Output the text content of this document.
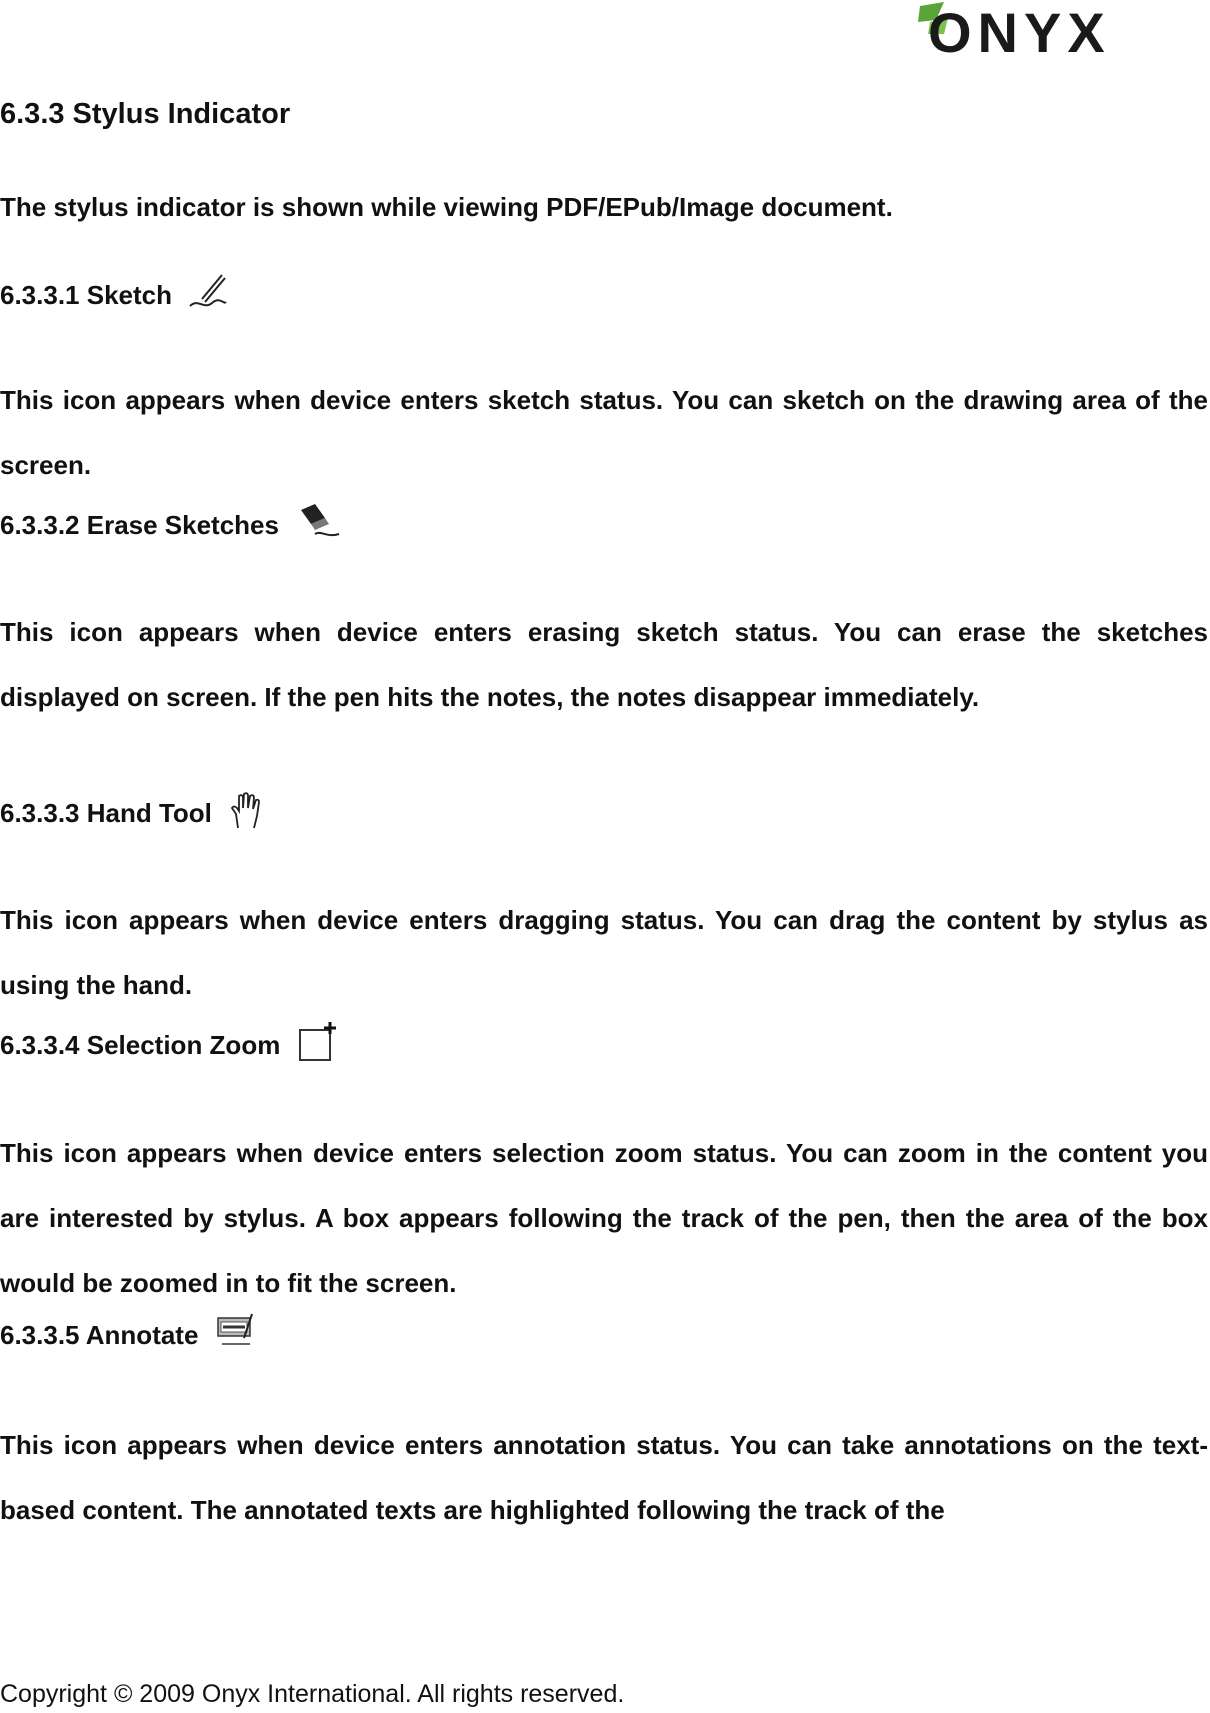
ONYX
6.3.3 Stylus Indicator
The stylus indicator is shown while viewing PDF/EPub/Image document.
6.3.3.1 Sketch
This icon appears when device enters sketch status. You can sketch on the drawing area of the screen.
6.3.3.2 Erase Sketches
This icon appears when device enters erasing sketch status. You can erase the sketches displayed on screen. If the pen hits the notes, the notes disappear immediately.
6.3.3.3 Hand Tool
This icon appears when device enters dragging status. You can drag the content by stylus as using the hand.
6.3.3.4 Selection Zoom
This icon appears when device enters selection zoom status. You can zoom in the content you are interested by stylus. A box appears following the track of the pen, then the area of the box would be zoomed in to fit the screen.
6.3.3.5 Annotate
This icon appears when device enters annotation status. You can take annotations on the text-based content. The annotated texts are highlighted following the track of the
Copyright © 2009 Onyx International. All rights reserved.
